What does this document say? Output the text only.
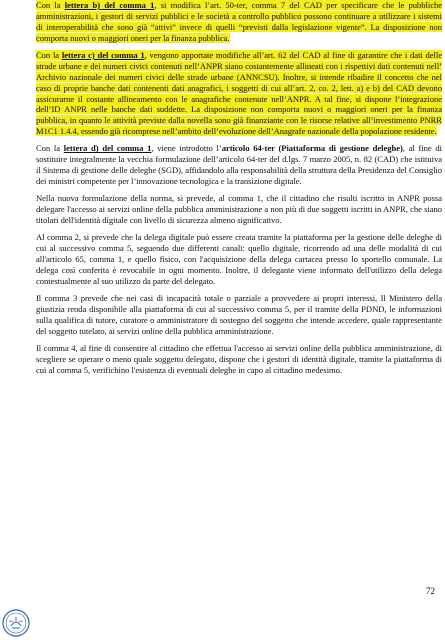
Con la lettera b) del comma 1, si modifica l’art. 50-ter, comma 7 del CAD per specificare che le pubbliche amministrazioni, i gestori di servizi pubblici e le società a controllo pubblico possono continuare a utilizzare i sistemi di interoperabilità che sono già “attivi” invece di quelli “previsti dalla legislazione vigente”. La disposizione non comporta nuovi o maggiori oneri per la finanza pubblica.

Con la lettera c) del comma 1, vengono apportate modifiche all’art. 62 del CAD al fine di garantire che i dati delle strade urbane e dei numeri civici contenuti nell’ANPR siano costantemente allineati con i rispettivi dati contenuti nell’ Archivio nazionale dei numeri civici delle strade urbane (ANNCSU). Inoltre, si intende ribadire il concetto che nel caso di proprie banche dati contenenti dati anagrafici, i soggetti di cui all’art. 2, co. 2, lett. a) e b) del CAD devono assicurarne il costante allineamento con le anagrafiche contenute nell’ANPR. A tal fine, si dispone l’integrazione dell’ID ANPR nelle banche dati suddette. La disposizione non comporta nuovi o maggiori oneri per la finanza pubblica, in quanto le attività previste dalla novella sono già finanziante con le risorse relative all’investimento PNRR M1C1 1.4.4, essendo già ricomprese nell’ambito dell’evoluzione dell’Anagrafe nazionale della popolazione residente.

Con la lettera d) del comma 1, viene introdotto l’articolo 64-ter (Piattaforma di gestione deleghe), al fine di sostituire integralmente la vecchia formulazione dell’articolo 64-ter del d.lgs. 7 marzo 2005, n. 82 (CAD) che istituiva il Sistema di gestione delle deleghe (SGD), affidandolo alla responsabilità della struttura della Presidenza del Consiglio dei ministri competente per l’innovazione tecnologica e la transizione digitale.

Nella nuova formulazione della norma, si prevede, al comma 1, che il cittadino che risulti iscritto in ANPR possa delegare l'accesso ai servizi online della pubblica amministrazione a non più di due soggetti iscritti in ANPR, che siano titolari dell'identità digitale con livello di sicurezza almeno significativo.

Al comma 2, si prevede che la delega digitale può essere creata tramite la piattaforma per la gestione delle deleghe di cui al successivo comma 5, seguendo due differenti canali: quello digitale, ricorrendo ad una delle modalità di cui all'articolo 65, comma 1, e quello fisico, con l'acquisizione della delega cartacea presso lo sportello comunale. La delega così conferita è revocabile in ogni momento. Inoltre, il delegante viene informato dell'utilizzo della delega contestualmente al suo utilizzo da parte del delegato.

Il comma 3 prevede che nei casi di incapacità totale o parziale a provvedere ai propri interessi, Il Ministero della giustizia renda disponibile alla piattaforma di cui al successivo comma 5, per il tramite della PDND, le informazioni sulla qualifica di tutore, curatore o amministratore di sostegno del soggetto che intende accedere, quale rappresentante del soggetto tutelato, ai servizi online della pubblica amministrazione.

Il comma 4, al fine di consentire al cittadino che effettua l'accesso ai servizi online della pubblica amministrazione, di scegliere se operare o meno quale soggetto delegato, dispone che i gestori di identità digitale, tramite la piattaforma di cui al comma 5, verifichino l'esistenza di eventuali deleghe in capo al cittadino medesimo.

72
